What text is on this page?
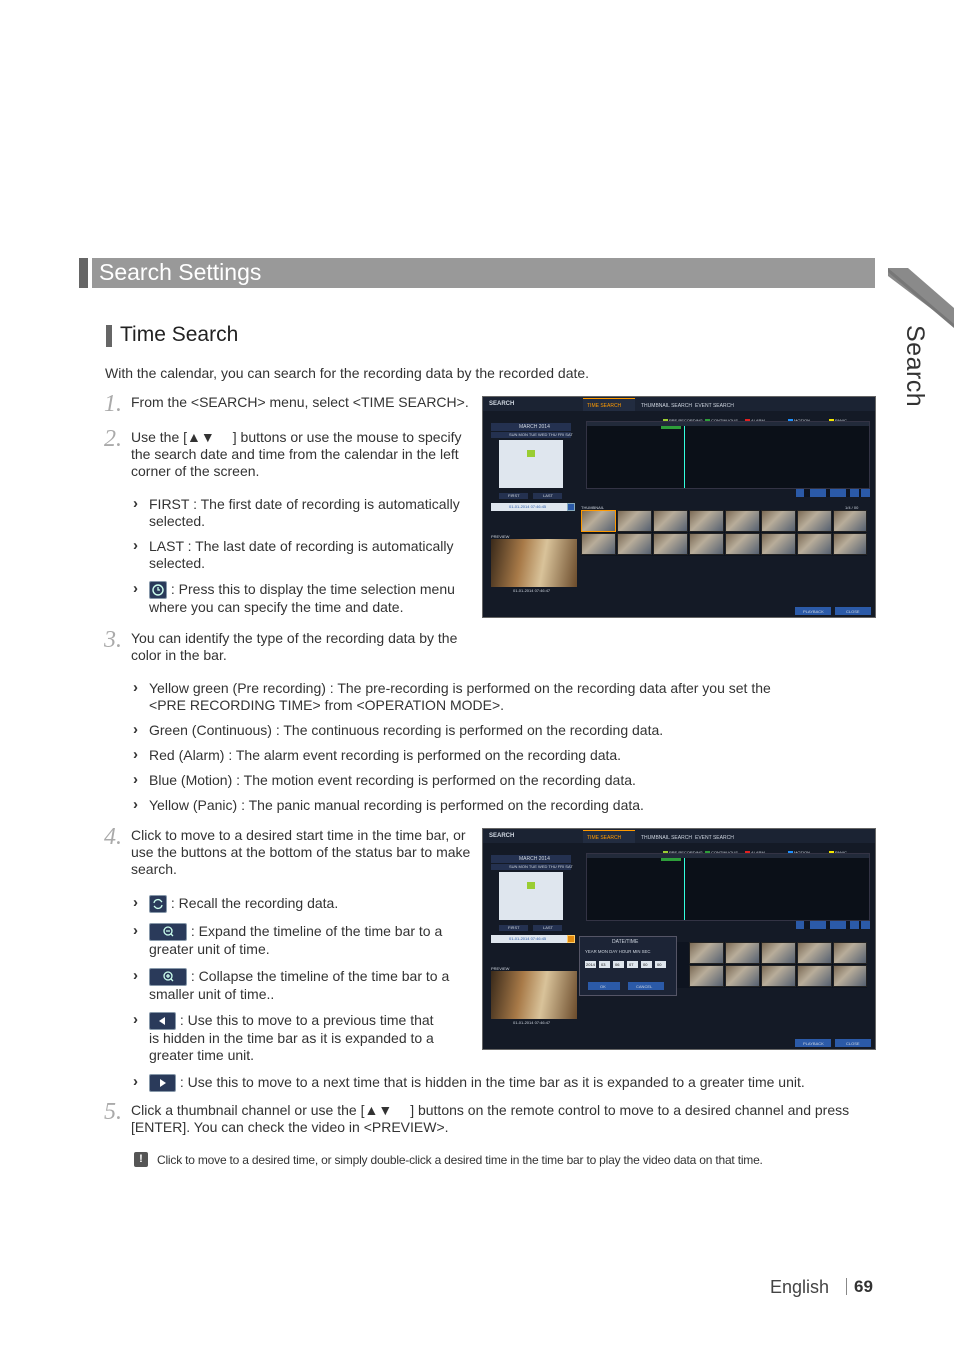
Search
Search Settings
Time Search
With the calendar, you can search for the recording data by the recorded date.
1. From the <SEARCH> menu, select <TIME SEARCH>.
2. Use the [▲▼ ] buttons or use the mouse to specify
the search date and time from the calendar in the left
corner of the screen.
› FIRST : The first date of recording is automatically
selected.
› LAST : The last date of recording is automatically
selected.
›	: Press this to display the time selection menu
where you can specify the time and date.
3. You can identify the type of the recording data by the
color in the bar.
› Yellow green (Pre recording) : The pre-recording is performed on the recording data after you set the
<PRE RECORDING TIME> from <OPERATION MODE>.
› Green (Continuous) : The continuous recording is performed on the recording data.
› Red (Alarm) : The alarm event recording is performed on the recording data.
› Blue (Motion) : The motion event recording is performed on the recording data.
› Yellow (Panic) : The panic manual recording is performed on the recording data.
4. Click to move to a desired start time in the time bar, or
use the buttons at the bottom of the status bar to make
search.
›	: Recall the recording data.
›	: Expand the timeline of the time bar to a
greater unit of time.
›	: Collapse the timeline of the time bar to a
smaller unit of time..
›	: Use this to move to a previous time that
is hidden in the time bar as it is expanded to a
greater time unit.
›	: Use this to move to a next time that is hidden in the time bar as it is expanded to a greater time unit.
5. Click a thumbnail channel or use the [▲▼ ] buttons on the remote control to move to a desired channel and press
[ENTER]. You can check the video in <PREVIEW>.
!	Click to move to a desired time, or simply double-click a desired time in the time bar to play the video data on that time.
SEARCH	TIME SEARCH	THUMBNAIL SEARCH EVENT SEARCH
MARCH 2014
SUN MON TUE WED THU FRI SAT
FIRST	LAST
01-01-2014 07:46:45	THUMBNAIL	1/4 / 00
PREVIEW
01-01-2014 07:46:47
PLAYBACK	CLOSE
SEARCH	TIME SEARCH	THUMBNAIL SEARCH EVENT SEARCH
MARCH 2014
SUN MON TUE WED THU FRI SAT
FIRST	LAST
01-01-2014 07:46:45
DATE/TIME
YEAR MON DAY HOUR MIN SEC
2014 03 06 07 00 00
OK	CANCEL
PREVIEW
01-01-2014 07:46:47
PLAYBACK	CLOSE
English 69
